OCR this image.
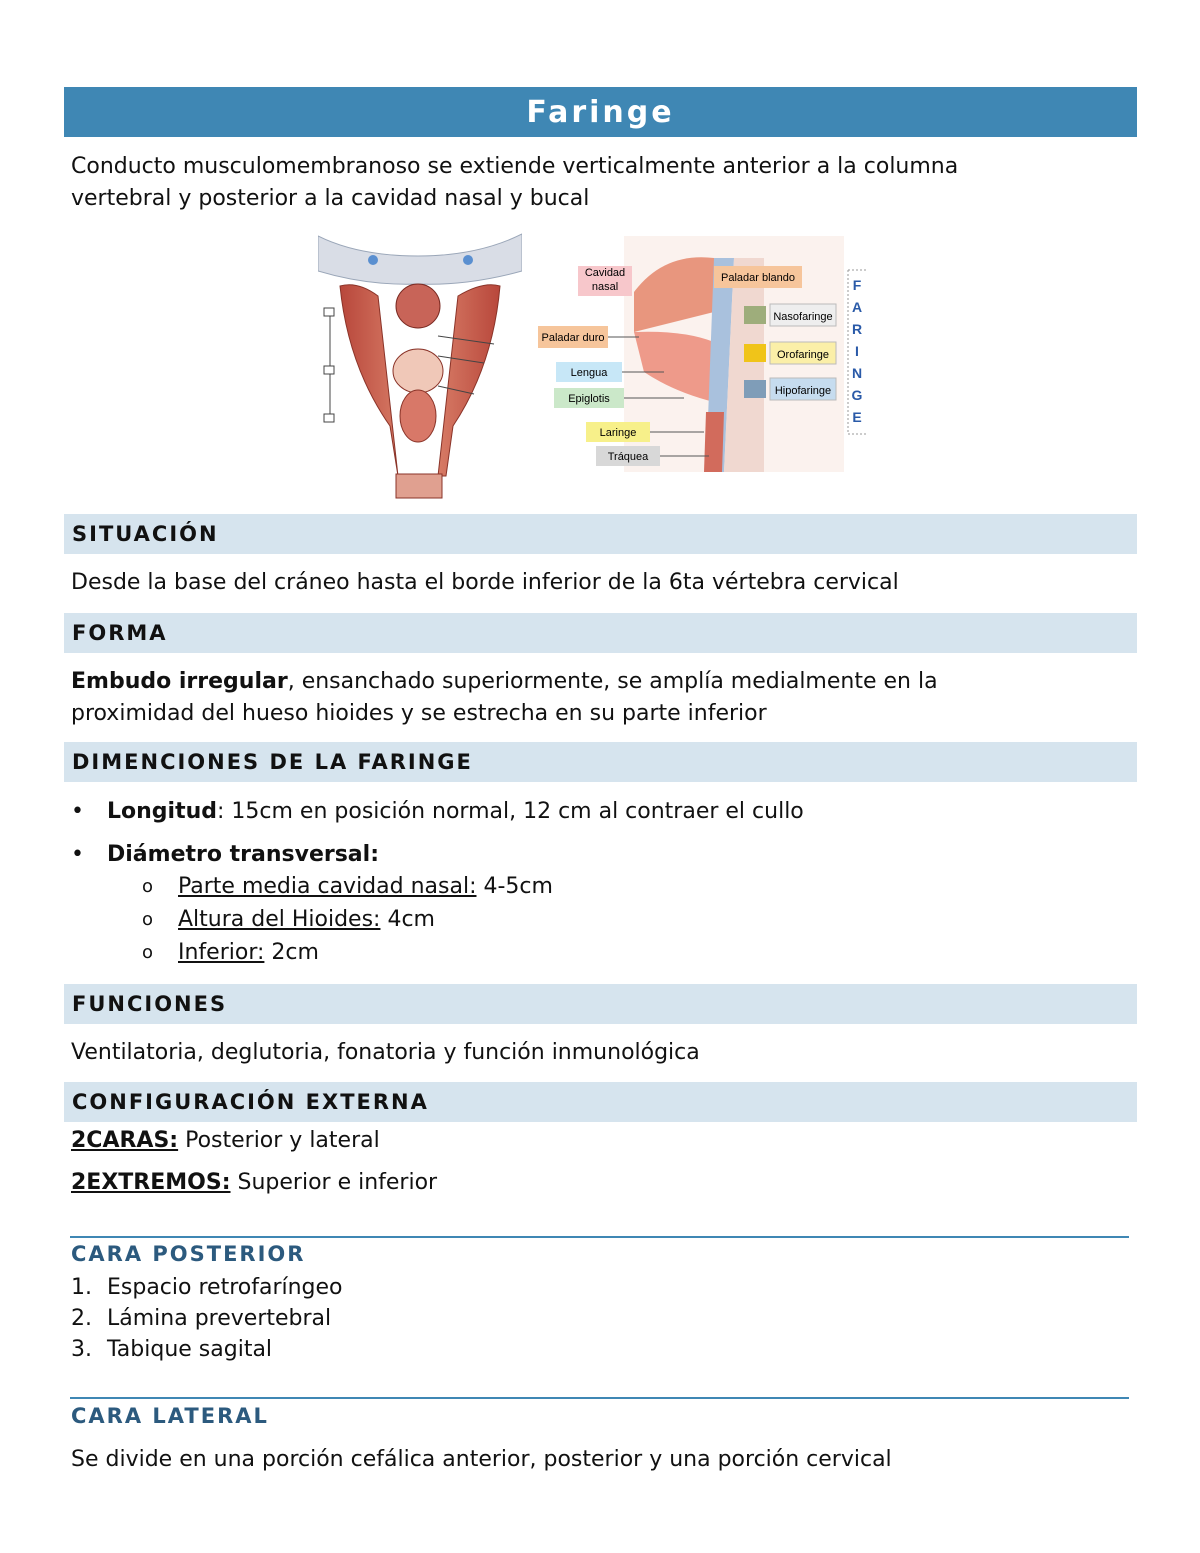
Faringe
Conducto musculomembranoso se extiende verticalmente anterior a la columna
vertebral y posterior a la cavidad nasal y bucal
Cavidad
nasal
Paladar blando
Paladar duro
Lengua
Epiglotis
Laringe
Tráquea
Nasofaringe
Orofaringe
Hipofaringe
F
A
R
I
N
G
E
SITUACIÓN
Desde la base del cráneo hasta el borde inferior de la 6ta vértebra cervical
FORMA
Embudo irregular, ensanchado superiormente, se amplía medialmente en la
proximidad del hueso hioides y se estrecha en su parte inferior
DIMENCIONES DE LA FARINGE
•	Longitud: 15cm en posición normal, 12 cm al contraer el cullo
•	Diámetro transversal:
o Parte media cavidad nasal: 4-5cm
o Altura del Hioides: 4cm
o Inferior: 2cm
FUNCIONES
Ventilatoria, deglutoria, fonatoria y función inmunológica
CONFIGURACIÓN EXTERNA
2CARAS: Posterior y lateral
2EXTREMOS: Superior e inferior
CARA POSTERIOR
1. Espacio retrofaríngeo
2. Lámina prevertebral
3. Tabique sagital
CARA LATERAL
Se divide en una porción cefálica anterior, posterior y una porción cervical
